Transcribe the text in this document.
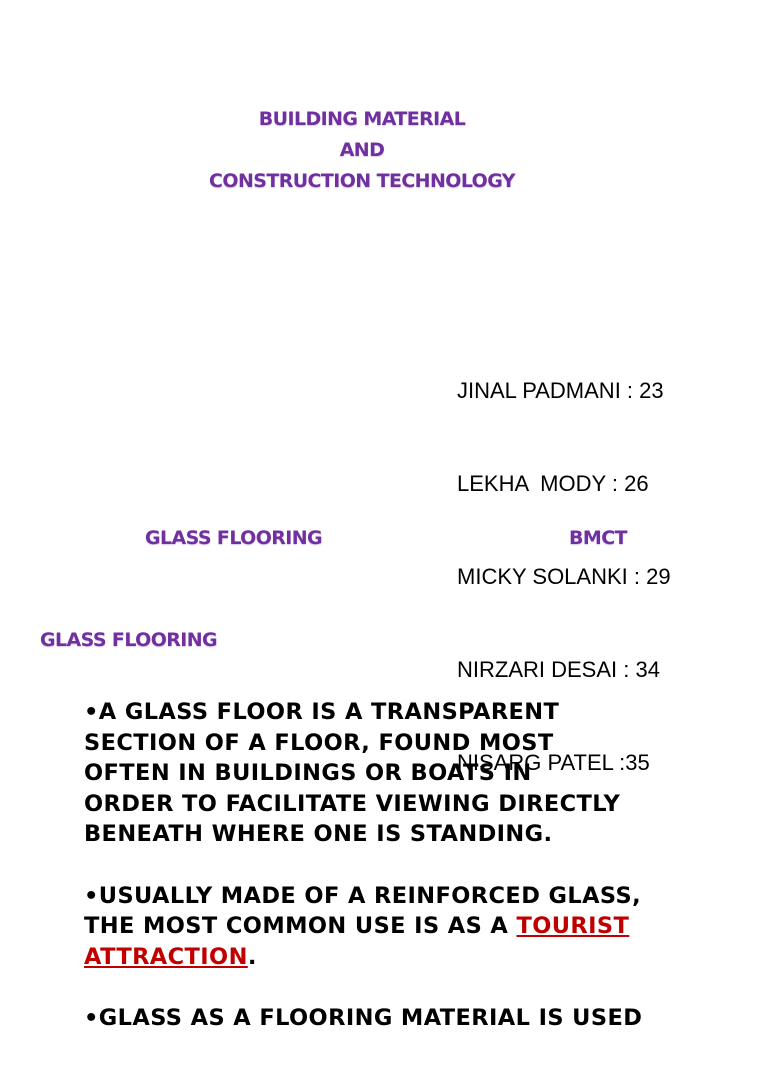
BUILDING MATERIAL
AND
CONSTRUCTION TECHNOLOGY

JINAL PADMANI : 23

LEKHA  MODY : 26

MICKY SOLANKI : 29

NIRZARI DESAI : 34

NISARG PATEL :35

GLASS FLOORING	BMCT
GLASS FLOORING

•A GLASS FLOOR IS A TRANSPARENT
SECTION OF A FLOOR, FOUND MOST
OFTEN IN BUILDINGS OR BOATS IN
ORDER TO FACILITATE VIEWING DIRECTLY
BENEATH WHERE ONE IS STANDING.

•USUALLY MADE OF A REINFORCED GLASS,
THE MOST COMMON USE IS AS A TOURIST
ATTRACTION.

•GLASS AS A FLOORING MATERIAL IS USED
